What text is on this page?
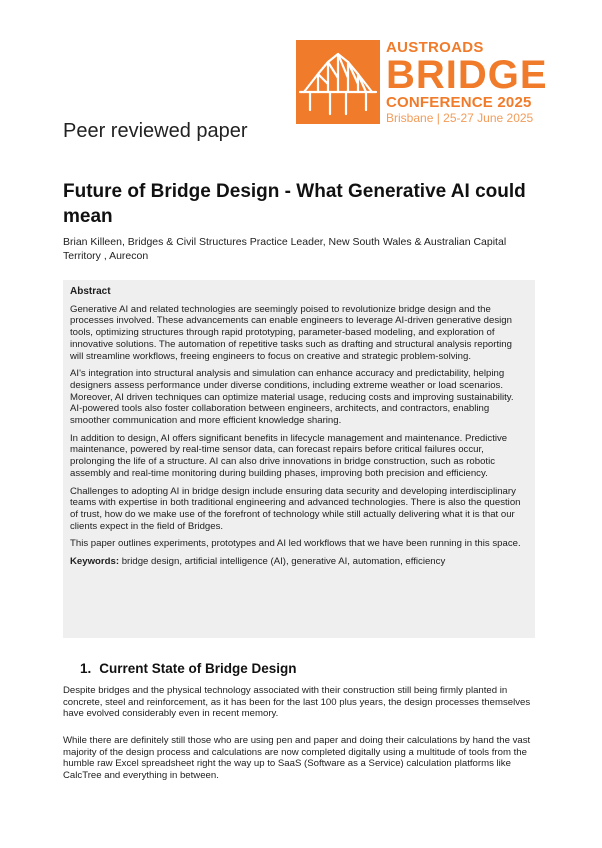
AUSTROADS
BRIDGE
CONFERENCE 2025
Brisbane | 25-27 June 2025
Peer reviewed paper
Future of Bridge Design - What Generative AI could mean
Brian Killeen, Bridges & Civil Structures Practice Leader, New South Wales & Australian Capital Territory , Aurecon
Abstract

Generative AI and related technologies are seemingly poised to revolutionize bridge design and the processes involved. These advancements can enable engineers to leverage AI-driven generative design tools, optimizing structures through rapid prototyping, parameter-based modeling, and exploration of innovative solutions. The automation of repetitive tasks such as drafting and structural analysis reporting will streamline workflows, freeing engineers to focus on creative and strategic problem-solving.

AI's integration into structural analysis and simulation can enhance accuracy and predictability, helping designers assess performance under diverse conditions, including extreme weather or load scenarios. Moreover, AI driven techniques can optimize material usage, reducing costs and improving sustainability. AI-powered tools also foster collaboration between engineers, architects, and contractors, enabling smoother communication and more efficient knowledge sharing.

In addition to design, AI offers significant benefits in lifecycle management and maintenance. Predictive maintenance, powered by real-time sensor data, can forecast repairs before critical failures occur, prolonging the life of a structure. AI can also drive innovations in bridge construction, such as robotic assembly and real-time monitoring during building phases, improving both precision and efficiency.

Challenges to adopting AI in bridge design include ensuring data security and developing interdisciplinary teams with expertise in both traditional engineering and advanced technologies. There is also the question of trust, how do we make use of the forefront of technology while still actually delivering what it is that our clients expect in the field of Bridges.

This paper outlines experiments, prototypes and AI led workflows that we have been running in this space.

Keywords: bridge design, artificial intelligence (AI), generative AI, automation, efficiency
1. Current State of Bridge Design
Despite bridges and the physical technology associated with their construction still being firmly planted in concrete, steel and reinforcement, as it has been for the last 100 plus years, the design processes themselves have evolved considerably even in recent memory.
While there are definitely still those who are using pen and paper and doing their calculations by hand the vast majority of the design process and calculations are now completed digitally using a multitude of tools from the humble raw Excel spreadsheet right the way up to SaaS (Software as a Service) calculation platforms like CalcTree and everything in between.
